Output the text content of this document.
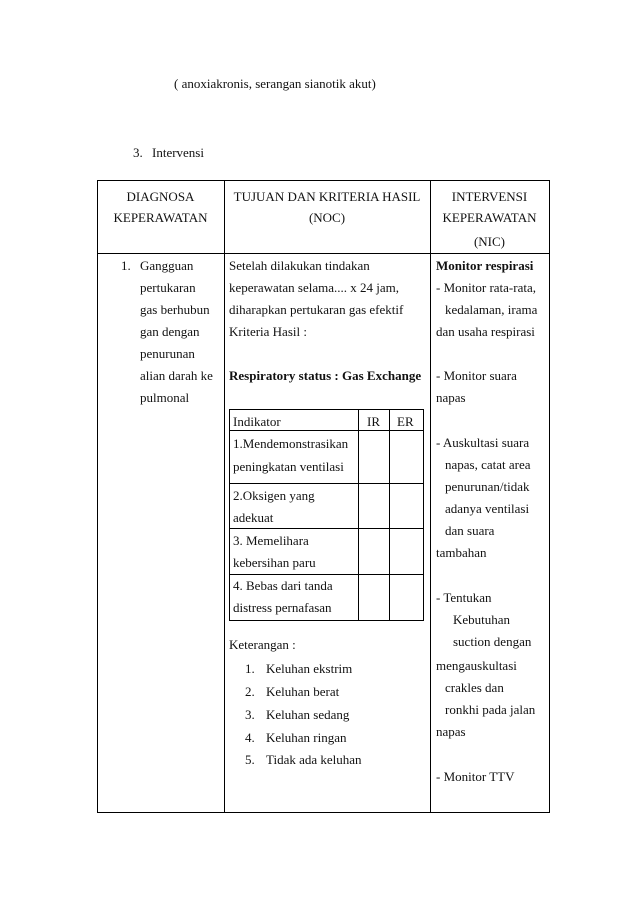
( anoxiakronis, serangan sianotik akut)
3. Intervensi
DIAGNOSA
KEPERAWATAN
TUJUAN DAN KRITERIA HASIL
(NOC)
INTERVENSI
KEPERAWATAN
(NIC)
1. Gangguan
pertukaran
gas berhubun
gan dengan
penurunan
alian darah ke
pulmonal
Setelah dilakukan tindakan
keperawatan selama.... x 24 jam,
diharapkan pertukaran gas efektif
Kriteria Hasil :
Respiratory status : Gas Exchange
Indikator	IR ER
1.Mendemonstrasikan
peningkatan ventilasi
2.Oksigen yang
adekuat
3. Memelihara
kebersihan paru
4. Bebas dari tanda
distress pernafasan
Keterangan :
1. Keluhan ekstrim
2. Keluhan berat
3. Keluhan sedang
4. Keluhan ringan
5. Tidak ada keluhan
Monitor respirasi
- Monitor rata-rata,
kedalaman, irama
dan usaha respirasi
- Monitor suara
napas
- Auskultasi suara
napas, catat area
penurunan/tidak
adanya ventilasi
dan suara
tambahan
- Tentukan
Kebutuhan
suction dengan
mengauskultasi
crakles dan
ronkhi pada jalan
napas
- Monitor TTV
